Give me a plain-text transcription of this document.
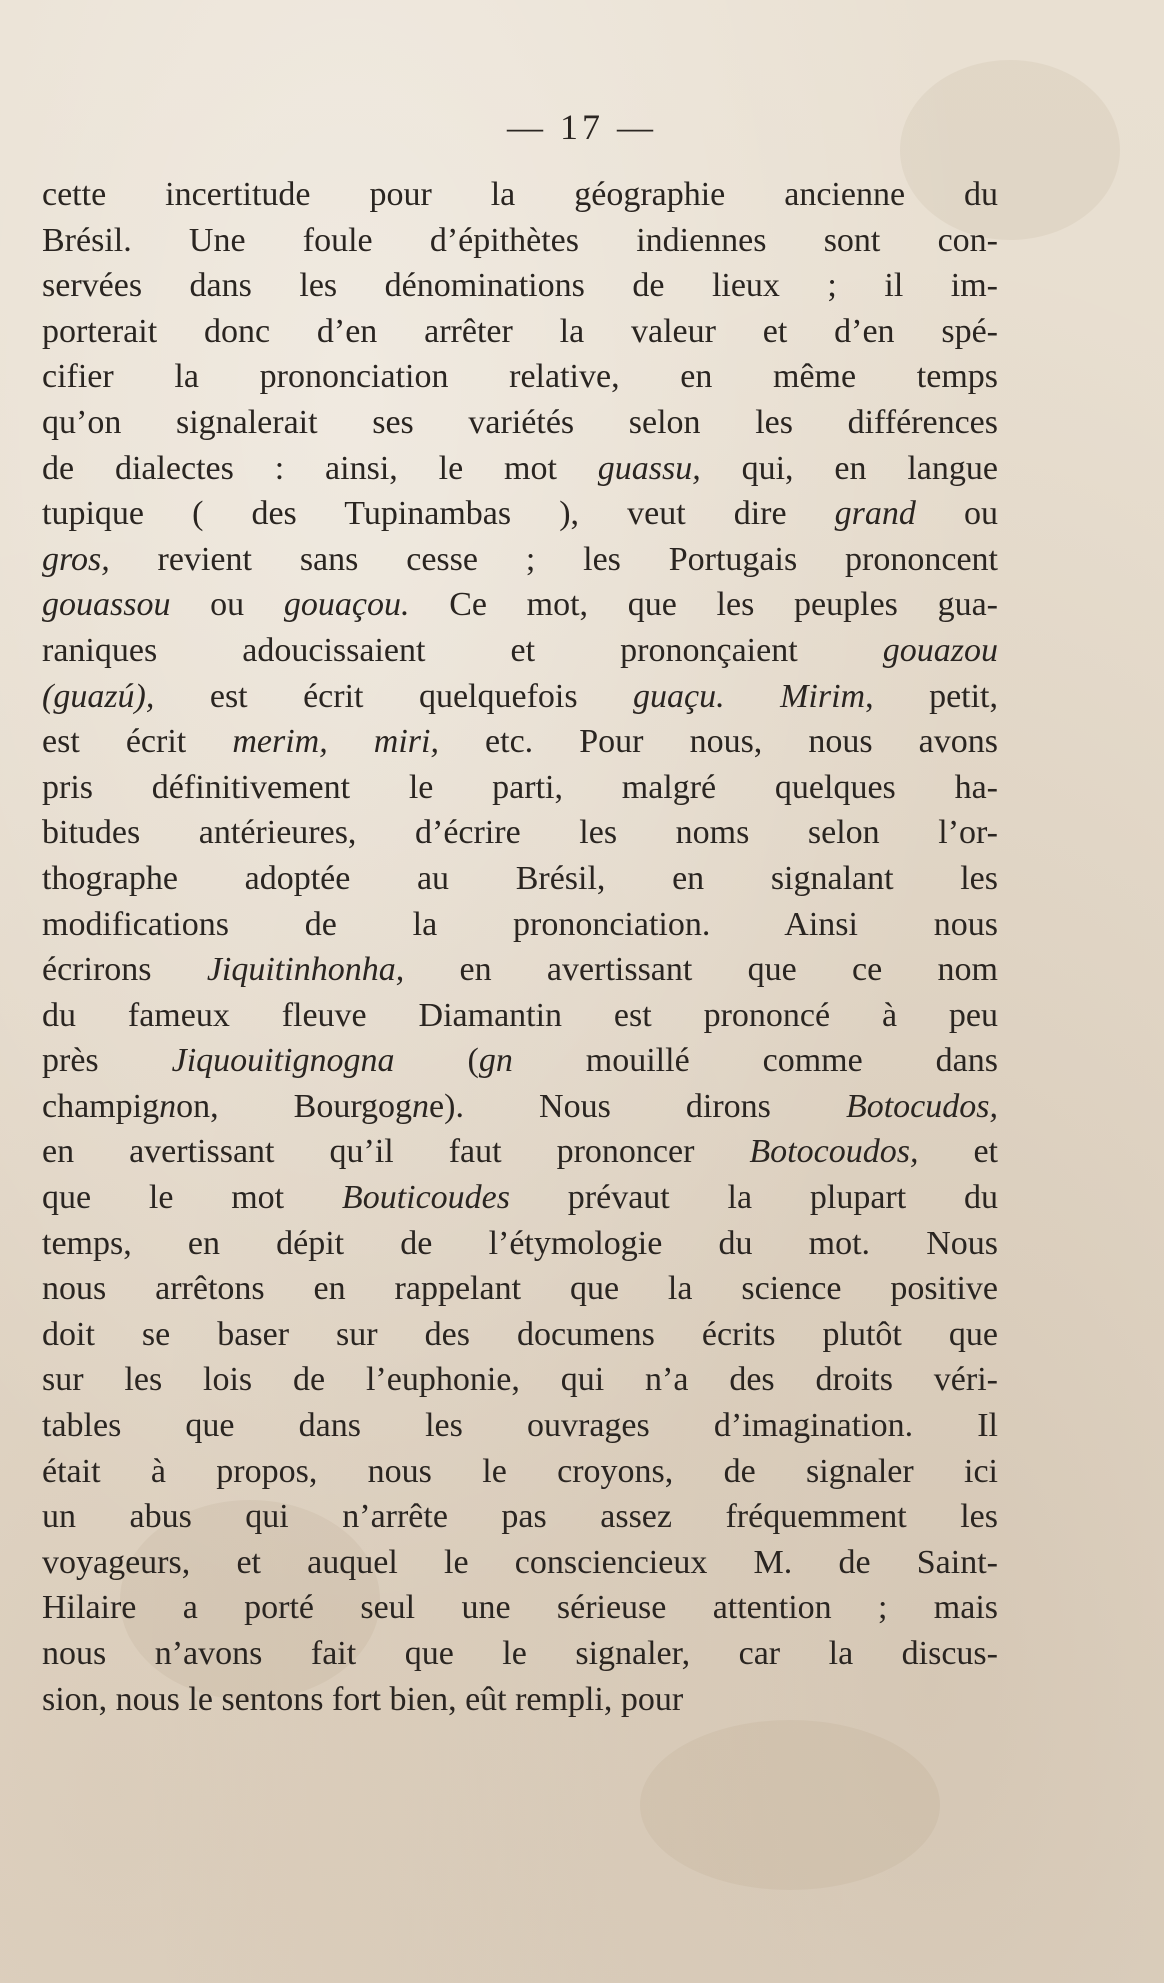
— 17 —
cette incertitude pour la géographie ancienne du
Brésil. Une foule d’épithètes indiennes sont con-
servées dans les dénominations de lieux ; il im-
porterait donc d’en arrêter la valeur et d’en spé-
cifier la prononciation relative, en même temps
qu’on signalerait ses variétés selon les différences
de dialectes : ainsi, le mot guassu, qui, en langue
tupique ( des Tupinambas ), veut dire grand ou
gros, revient sans cesse ; les Portugais prononcent
gouassou ou gouaçou. Ce mot, que les peuples gua-
raniques adoucissaient et prononçaient gouazou
(guazú), est écrit quelquefois guaçu. Mirim, petit,
est écrit merim, miri, etc. Pour nous, nous avons
pris définitivement le parti, malgré quelques ha-
bitudes antérieures, d’écrire les noms selon l’or-
thographe adoptée au Brésil, en signalant les
modifications de la prononciation. Ainsi nous
écrirons Jiquitinhonha, en avertissant que ce nom
du fameux fleuve Diamantin est prononcé à peu
près Jiquouitignogna (gn mouillé comme dans
champignon, Bourgogne). Nous dirons Botocudos,
en avertissant qu’il faut prononcer Botocoudos, et
que le mot Bouticoudes prévaut la plupart du
temps, en dépit de l’étymologie du mot. Nous
nous arrêtons en rappelant que la science positive
doit se baser sur des documens écrits plutôt que
sur les lois de l’euphonie, qui n’a des droits véri-
tables que dans les ouvrages d’imagination. Il
était à propos, nous le croyons, de signaler ici
un abus qui n’arrête pas assez fréquemment les
voyageurs, et auquel le consciencieux M. de Saint-
Hilaire a porté seul une sérieuse attention ; mais
nous n’avons fait que le signaler, car la discus-
sion, nous le sentons fort bien, eût rempli, pour
